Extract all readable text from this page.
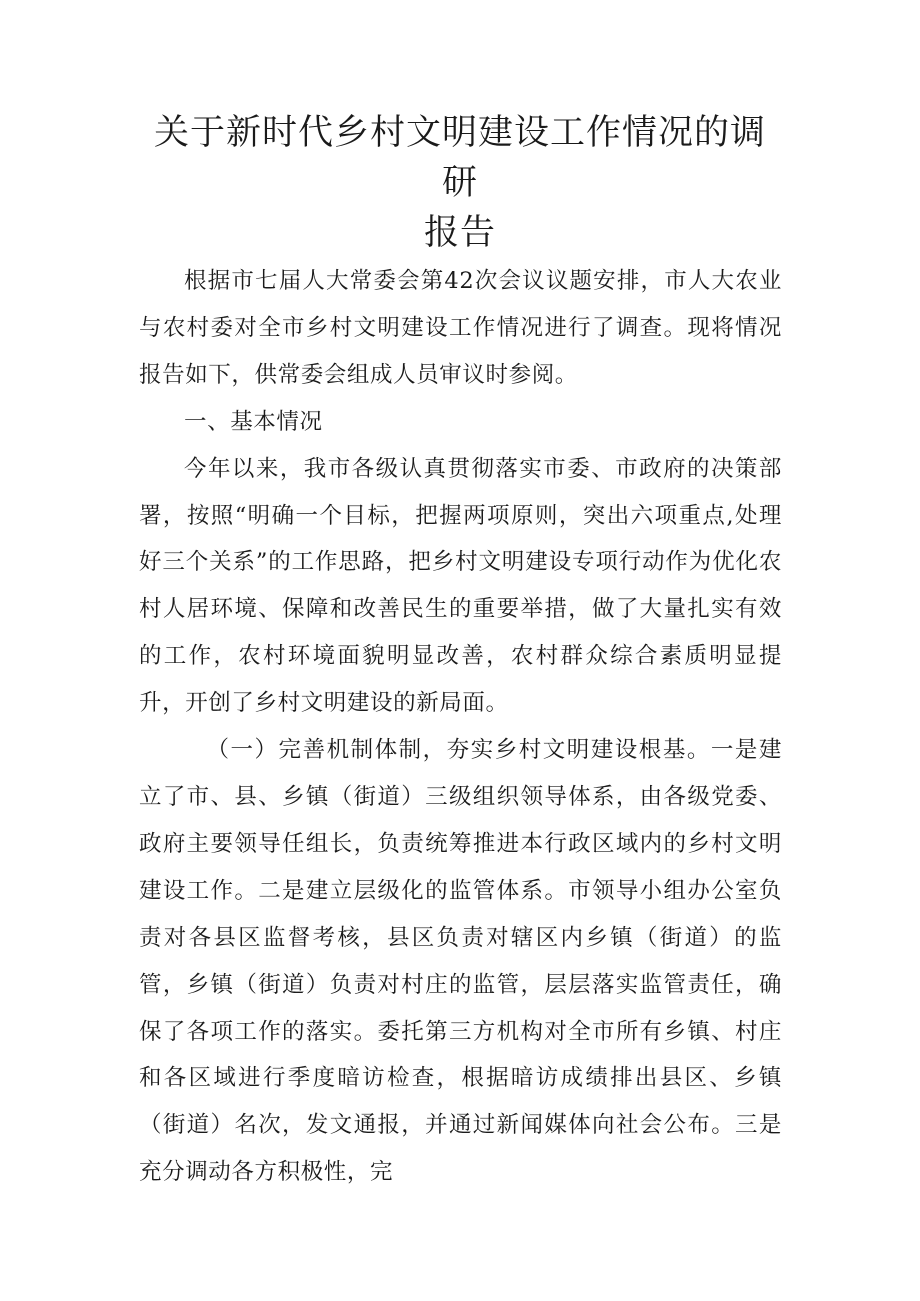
关于新时代乡村文明建设工作情况的调研
报告

根据市七届人大常委会第42次会议议题安排，市人大农业与农村委对全市乡村文明建设工作情况进行了调查。现将情况报告如下，供常委会组成人员审议时参阅。

一、基本情况

今年以来，我市各级认真贯彻落实市委、市政府的决策部署，按照“明确一个目标，把握两项原则，突出六项重点,处理好三个关系”的工作思路，把乡村文明建设专项行动作为优化农村人居环境、保障和改善民生的重要举措，做了大量扎实有效的工作，农村环境面貌明显改善，农村群众综合素质明显提升，开创了乡村文明建设的新局面。

（一）完善机制体制，夯实乡村文明建设根基。一是建立了市、县、乡镇（街道）三级组织领导体系，由各级党委、政府主要领导任组长，负责统筹推进本行政区域内的乡村文明建设工作。二是建立层级化的监管体系。市领导小组办公室负责对各县区监督考核，县区负责对辖区内乡镇（街道）的监管，乡镇（街道）负责对村庄的监管，层层落实监管责任，确保了各项工作的落实。委托第三方机构对全市所有乡镇、村庄和各区域进行季度暗访检查，根据暗访成绩排出县区、乡镇（街道）名次，发文通报，并通过新闻媒体向社会公布。三是充分调动各方积极性，完
